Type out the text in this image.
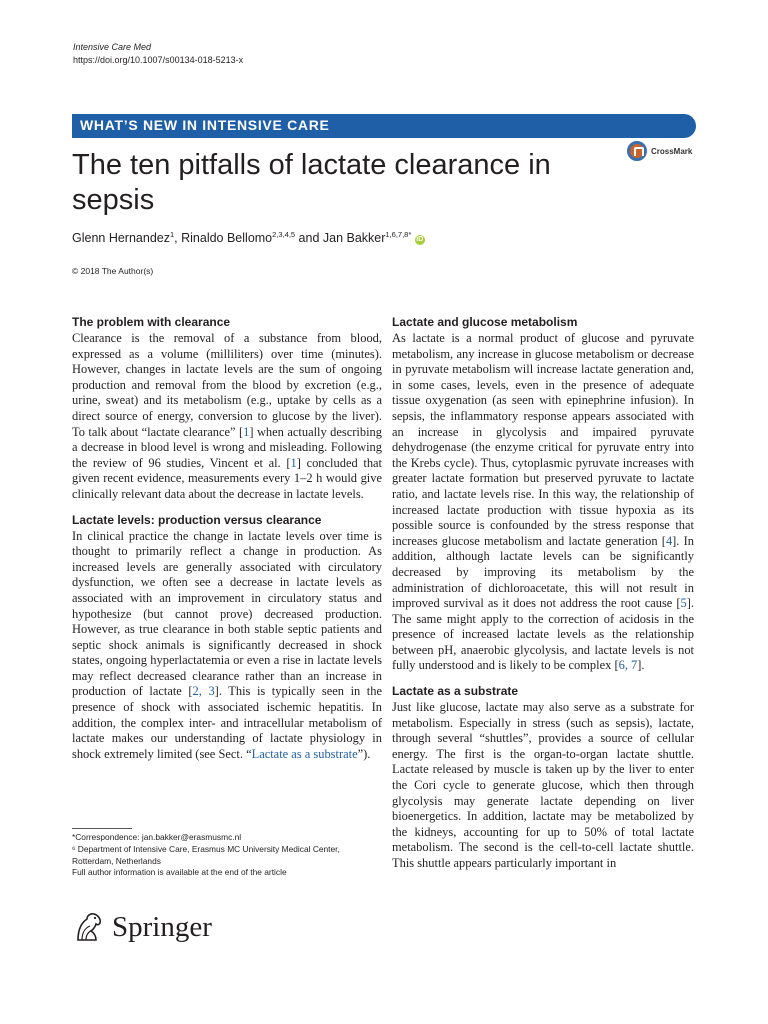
Intensive Care Med
https://doi.org/10.1007/s00134-018-5213-x
WHAT’S NEW IN INTENSIVE CARE
CrossMark
The ten pitfalls of lactate clearance in sepsis
Glenn Hernandez$^1$, Rinaldo Bellomo$^{2,3,4,5}$ and Jan Bakker$^{1,6,7,8*}$ iD
© 2018 The Author(s)
The problem with clearance

Clearance is the removal of a substance from blood, expressed as a volume (milliliters) over time (minutes). However, changes in lactate levels are the sum of ongoing production and removal from the blood by excretion (e.g., urine, sweat) and its metabolism (e.g., uptake by cells as a direct source of energy, conversion to glucose by the liver). To talk about “lactate clearance” [1] when actually describing a decrease in blood level is wrong and misleading. Following the review of 96 studies, Vincent et al. [1] concluded that given recent evidence, measurements every 1–2 h would give clinically relevant data about the decrease in lactate levels.

Lactate levels: production versus clearance

In clinical practice the change in lactate levels over time is thought to primarily reflect a change in production. As increased levels are generally associated with circulatory dysfunction, we often see a decrease in lactate levels as associated with an improvement in circulatory status and hypothesize (but cannot prove) decreased production. However, as true clearance in both stable septic patients and septic shock animals is significantly decreased in shock states, ongoing hyperlactatemia or even a rise in lactate levels may reflect decreased clearance rather than an increase in production of lactate [2, 3]. This is typically seen in the presence of shock with associated ischemic hepatitis. In addition, the complex inter- and intracellular metabolism of lactate makes our understanding of lactate physiology in shock extremely limited (see Sect. “Lactate as a substrate”).

Lactate and glucose metabolism

As lactate is a normal product of glucose and pyruvate metabolism, any increase in glucose metabolism or decrease in pyruvate metabolism will increase lactate generation and, in some cases, levels, even in the presence of adequate tissue oxygenation (as seen with epinephrine infusion). In sepsis, the inflammatory response appears associated with an increase in glycolysis and impaired pyruvate dehydrogenase (the enzyme critical for pyruvate entry into the Krebs cycle). Thus, cytoplasmic pyruvate increases with greater lactate formation but preserved pyruvate to lactate ratio, and lactate levels rise. In this way, the relationship of increased lactate production with tissue hypoxia as its possible source is confounded by the stress response that increases glucose metabolism and lactate generation [4]. In addition, although lactate levels can be significantly decreased by improving its metabolism by the administration of dichloroacetate, this will not result in improved survival as it does not address the root cause [5]. The same might apply to the correction of acidosis in the presence of increased lactate levels as the relationship between pH, anaerobic glycolysis, and lactate levels is not fully understood and is likely to be complex [6, 7].

Lactate as a substrate

Just like glucose, lactate may also serve as a substrate for metabolism. Especially in stress (such as sepsis), lactate, through several “shuttles”, provides a source of cellular energy. The first is the organ-to-organ lactate shuttle. Lactate released by muscle is taken up by the liver to enter the Cori cycle to generate glucose, which then through glycolysis may generate lactate depending on liver bioenergetics. In addition, lactate may be metabolized by the kidneys, accounting for up to 50% of total lactate metabolism. The second is the cell-to-cell lactate shuttle. This shuttle appears particularly important in

*Correspondence: jan.bakker@erasmusmc.nl
⁶ Department of Intensive Care, Erasmus MC University Medical Center, Rotterdam, Netherlands
Full author information is available at the end of the article
Springer
